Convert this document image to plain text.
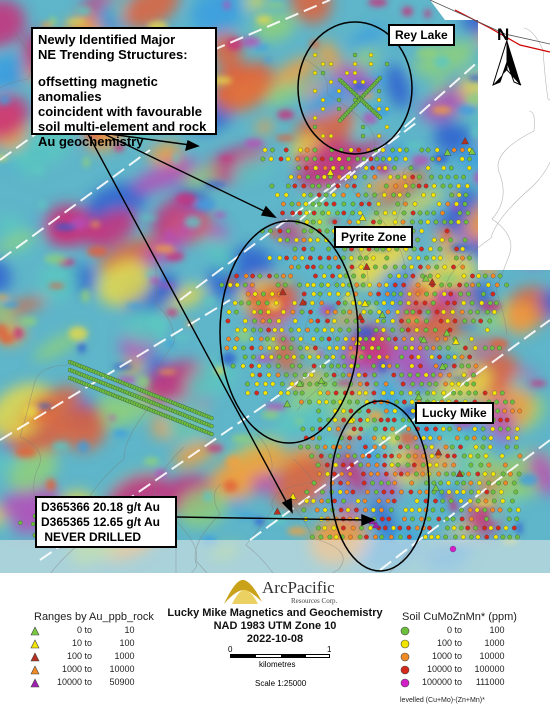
N
Newly Identified Major
NE Trending Structures:
offsetting magnetic anomalies
coincident with favourable
soil multi-element and rock
Au geochemistry
D365366 20.18 g/t Au
D365365 12.65 g/t Au
NEVER DRILLED
Rey Lake
Pyrite Zone
Lucky Mike
ArcPacific
Resources Corp.
Lucky Mike Magnetics and Geochemistry
NAD 1983 UTM Zone 10
2022-10-08
0	1
kilometres
Scale 1:25000
Ranges by Au_ppb_rock
0 to	10
10 to	100
100 to 1000
1000 to 10000
10000 to 50900
Soil CuMoZnMn* (ppm)
0 to	100
100 to 1000
1000 to 10000
10000 to 100000
100000 to 111000
levelled (Cu+Mo)-(Zn+Mn)*
